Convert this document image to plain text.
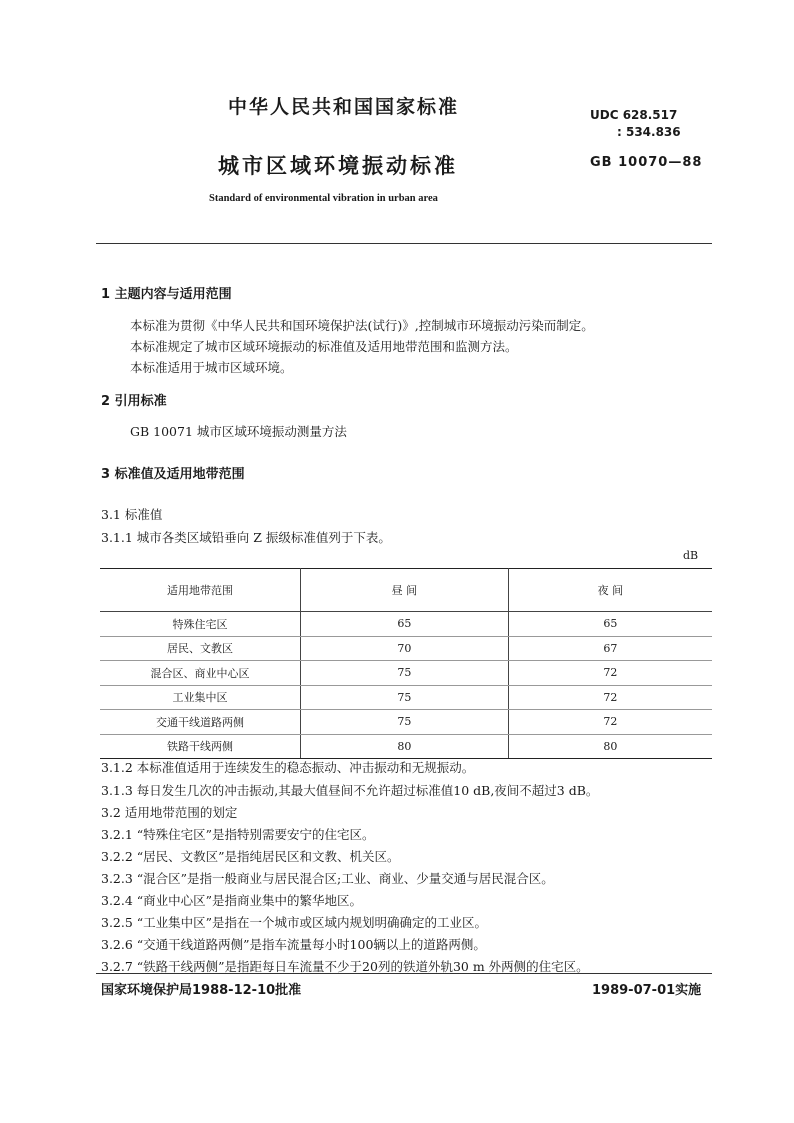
中华人民共和国国家标准	UDC 628.517
: 534.836
城市区域环境振动标准	GB 10070—88
Standard of environmental vibration in urban area
1 主题内容与适用范围
本标准为贯彻《中华人民共和国环境保护法(试行)》,控制城市环境振动污染而制定。
本标准规定了城市区域环境振动的标准值及适用地带范围和监测方法。
本标准适用于城市区域环境。
2 引用标准
GB 10071 城市区域环境振动测量方法
3 标准值及适用地带范围
3.1 标准值
3.1.1 城市各类区域铅垂向 Z 振级标准值列于下表。
dB
适用地带范围	昼 间	夜 间
特殊住宅区	65	65
居民、文教区	70	67
混合区、商业中心区	75	72
工业集中区	75	72
交通干线道路两侧	75	72
铁路干线两侧	80	80
3.1.2 本标准值适用于连续发生的稳态振动、冲击振动和无规振动。
3.1.3 每日发生几次的冲击振动,其最大值昼间不允许超过标准值10 dB,夜间不超过3 dB。
3.2 适用地带范围的划定
3.2.1 “特殊住宅区”是指特别需要安宁的住宅区。
3.2.2 “居民、文教区”是指纯居民区和文教、机关区。
3.2.3 “混合区”是指一般商业与居民混合区;工业、商业、少量交通与居民混合区。
3.2.4 “商业中心区”是指商业集中的繁华地区。
3.2.5 “工业集中区”是指在一个城市或区域内规划明确确定的工业区。
3.2.6 “交通干线道路两侧”是指车流量每小时100辆以上的道路两侧。
3.2.7 “铁路干线两侧”是指距每日车流量不少于20列的铁道外轨30 m 外两侧的住宅区。
国家环境保护局1988-12-10批准	1989-07-01实施
